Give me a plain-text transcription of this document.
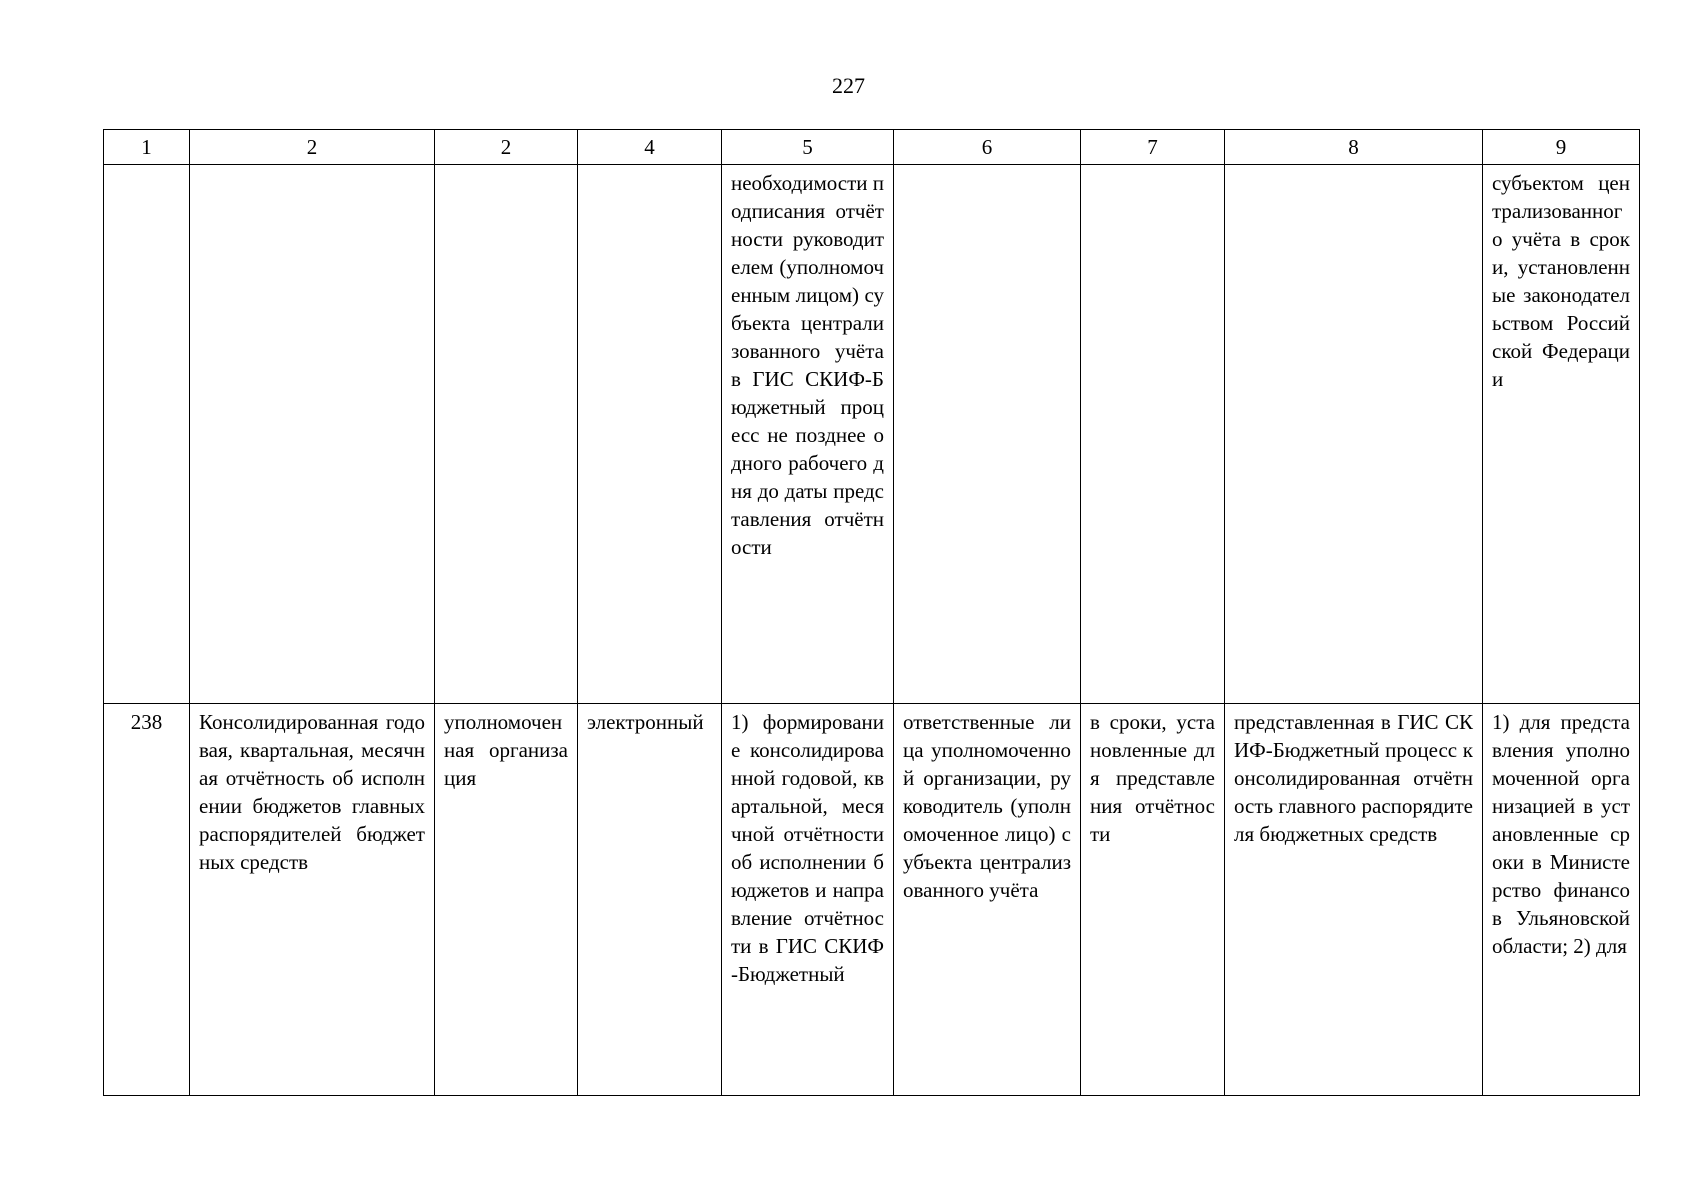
227
1	2	2	4	5	6	7	8	9
				необходимости подписания отчётности руководителем (уполномоченным лицом) субъекта централизованного учёта в ГИС СКИФ-Бюджетный процесс не позднее одного рабочего дня до даты представления отчётности				субъектом централизованного учёта в сроки, установленные законодательством Российской Федерации
238	Консолидированная годовая, квартальная, месячная отчётность об исполнении бюджетов главных распорядителей бюджетных средств	уполномоченная организация	электронный	1) формирование консолидированной годовой, квартальной, месячной отчётности об исполнении бюджетов и направление отчётности в ГИС СКИФ-Бюджетный	ответственные лица уполномоченной организации, руководитель (уполномоченное лицо) субъекта централизованного учёта	в сроки, установленные для представления отчётности	представленная в ГИС СКИФ-Бюджетный процесс консолидированная отчётность главного распорядителя бюджетных средств	1) для представления уполномоченной организацией в установленные сроки в Министерство финансов Ульяновской области; 2) для
